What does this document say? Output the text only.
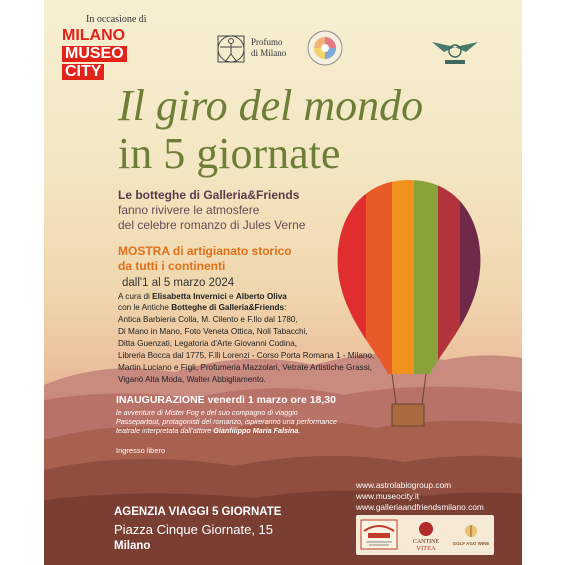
In occasione di
MILANO
MUSEO
CITY
Profumo
di Milano
Il giro del mondo
in 5 giornate
Le botteghe di Galleria&Friends
fanno rivivere le atmosfere
del celebre romanzo di Jules Verne
MOSTRA di artigianato storico
da tutti i continenti
dall'1 al 5 marzo 2024
A cura di Elisabetta Invernici e Alberto Oliva
con le Antiche Botteghe di Galleria&Friends:
Antica Barbieria Colla, M. Cilento e F.llo dal 1780,
Di Mano in Mano, Foto Veneta Ottica, Noli Tabacchi,
Ditta Guenzati, Legatoria d'Arte Giovanni Codina,
Libreria Bocca dal 1775, F.lli Lorenzi - Corso Porta Romana 1 - Milano,
Martin Luciano e Figli, Profumeria Mazzolari, Vetrate Artistiche Grassi,
Viganò Alta Moda, Walter Abbigliamento.
INAUGURAZIONE venerdì 1 marzo ore 18,30
le avventure di Mister Fog e del suo compagno di viaggio
Passepartout, protagonisti del romanzo, ispireranno una performance
teatrale interpretata dall'attore Gianfilippo Maria Falsina.
Ingresso libero
AGENZIA VIAGGI 5 GIORNATE
Piazza Cinque Giornate, 15
Milano
www.astrolabiogroup.com
www.museocity.it
www.galleriaandfriendsmilano.com
CANTINE
VITEA
GOLF AGO WINE
